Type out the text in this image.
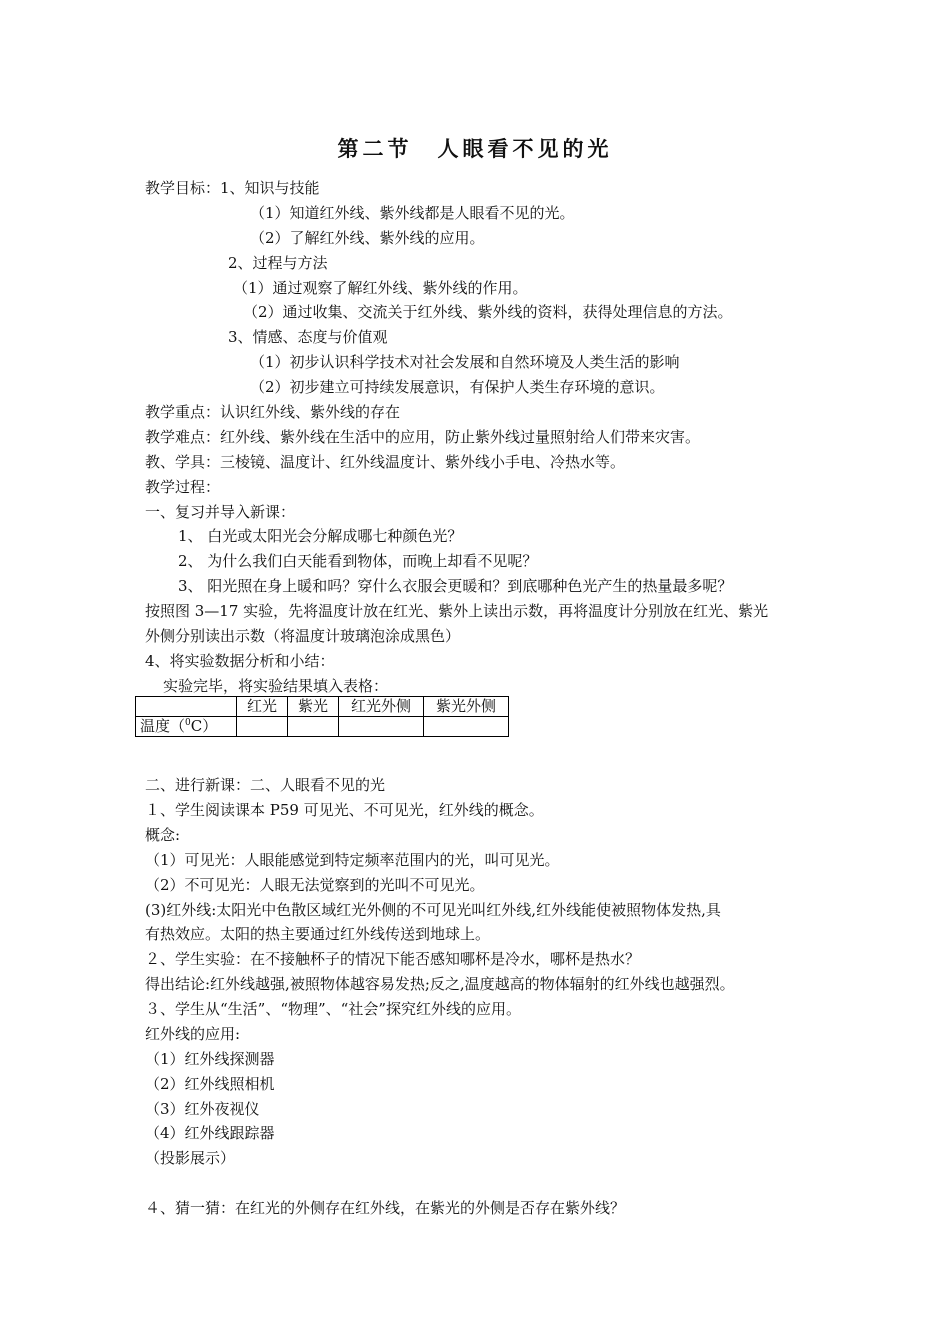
第二节　人眼看不见的光
教学目标：1、知识与技能
（1）知道红外线、紫外线都是人眼看不见的光。
（2）了解红外线、紫外线的应用。
2、过程与方法
（1）通过观察了解红外线、紫外线的作用。
（2）通过收集、交流关于红外线、紫外线的资料，获得处理信息的方法。
3、情感、态度与价值观
（1）初步认识科学技术对社会发展和自然环境及人类生活的影响
（2）初步建立可持续发展意识，有保护人类生存环境的意识。
教学重点：认识红外线、紫外线的存在
教学难点：红外线、紫外线在生活中的应用，防止紫外线过量照射给人们带来灾害。
教、学具：三棱镜、温度计、红外线温度计、紫外线小手电、冷热水等。
教学过程：
一、复习并导入新课：
1、 白光或太阳光会分解成哪七种颜色光？
2、 为什么我们白天能看到物体，而晚上却看不见呢？
3、 阳光照在身上暖和吗？穿什么衣服会更暖和？到底哪种色光产生的热量最多呢？
按照图 3—17 实验，先将温度计放在红光、紫外上读出示数，再将温度计分别放在红光、紫光
外侧分别读出示数（将温度计玻璃泡涂成黑色）
4、将实验数据分析和小结：
实验完毕，将实验结果填入表格：
	红光	紫光	红光外侧	紫光外侧
温度（$^0$C）				
二、进行新课：二、人眼看不见的光
１、学生阅读课本 P59 可见光、不可见光，红外线的概念。
概念:
（1）可见光：人眼能感觉到特定频率范围内的光，叫可见光。
（2）不可见光：人眼无法觉察到的光叫不可见光。
(3)红外线:太阳光中色散区域红光外侧的不可见光叫红外线,红外线能使被照物体发热,具
有热效应。太阳的热主要通过红外线传送到地球上。
２、学生实验：在不接触杯子的情况下能否感知哪杯是冷水，哪杯是热水？
得出结论:红外线越强,被照物体越容易发热;反之,温度越高的物体辐射的红外线也越强烈。
３、学生从“生活”、“物理”、“社会”探究红外线的应用。
红外线的应用:
（1）红外线探测器
（2）红外线照相机
（3）红外夜视仪
（4）红外线跟踪器
（投影展示）
４、猜一猜：在红光的外侧存在红外线，在紫光的外侧是否存在紫外线？
